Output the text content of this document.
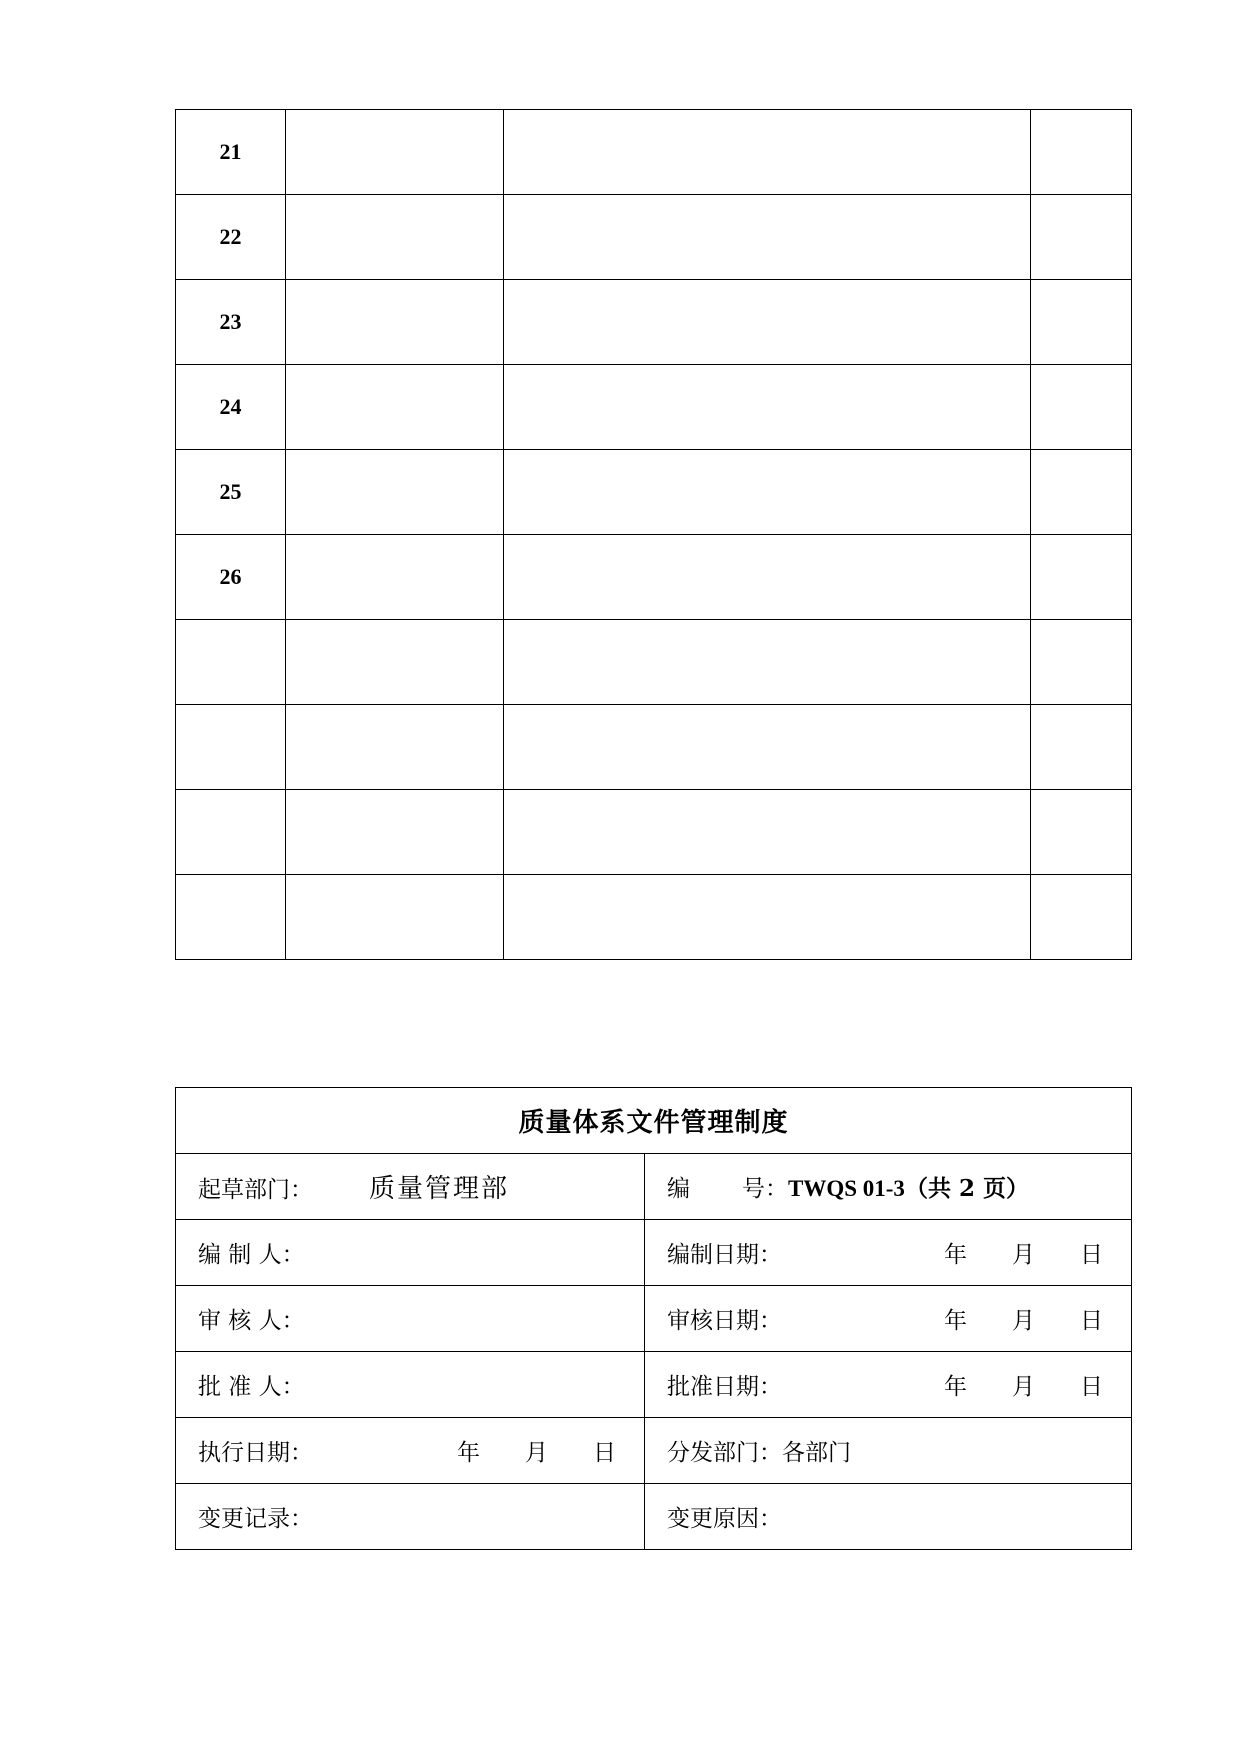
21			
22			
23			
24			
25			
26			

质量体系文件管理制度	
起草部门： 质量管理部	编 号：TWQS 01-3（共 2 页）
编 制 人：	编制日期： 年 月 日

审 核 人：	审核日期： 年 月 日

批 准 人：	批准日期： 年 月 日

执行日期： 年 月 日	分发部门：各部门
变更记录：	变更原因：
